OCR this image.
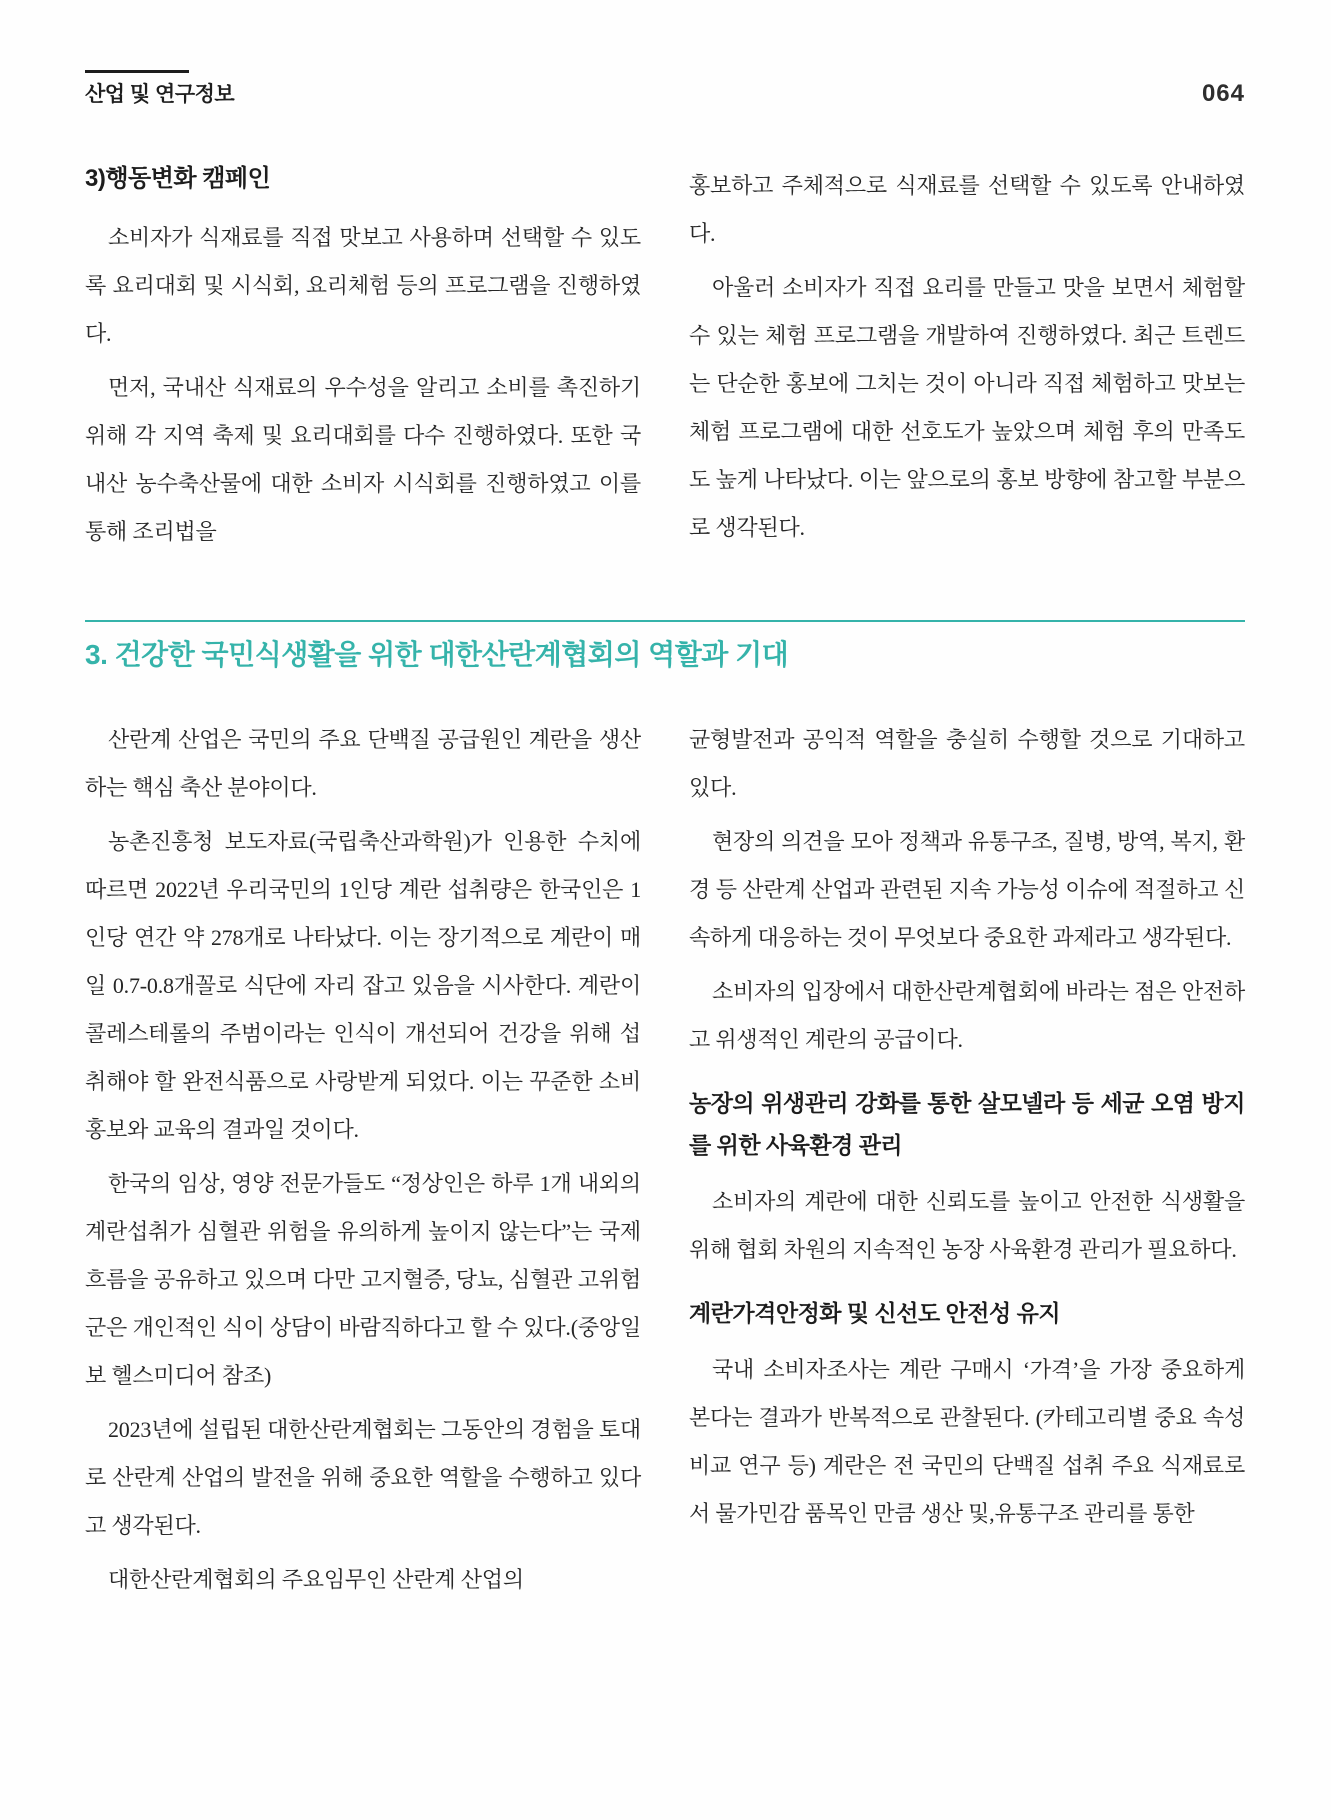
산업 및 연구정보	064

3)행동변화 캠페인

소비자가 식재료를 직접 맛보고 사용하며 선택할 수 있도록 요리대회 및 시식회, 요리체험 등의 프로그램을 진행하였다.

먼저, 국내산 식재료의 우수성을 알리고 소비를 촉진하기 위해 각 지역 축제 및 요리대회를 다수 진행하였다. 또한 국내산 농수축산물에 대한 소비자 시식회를 진행하였고 이를 통해 조리법을

홍보하고 주체적으로 식재료를 선택할 수 있도록 안내하였다.

아울러 소비자가 직접 요리를 만들고 맛을 보면서 체험할 수 있는 체험 프로그램을 개발하여 진행하였다. 최근 트렌드는 단순한 홍보에 그치는 것이 아니라 직접 체험하고 맛보는 체험 프로그램에 대한 선호도가 높았으며 체험 후의 만족도도 높게 나타났다. 이는 앞으로의 홍보 방향에 참고할 부분으로 생각된다.

3. 건강한 국민식생활을 위한 대한산란계협회의 역할과 기대

산란계 산업은 국민의 주요 단백질 공급원인 계란을 생산하는 핵심 축산 분야이다.

농촌진흥청 보도자료(국립축산과학원)가 인용한 수치에 따르면 2022년 우리국민의 1인당 계란 섭취량은 한국인은 1인당 연간 약 278개로 나타났다. 이는 장기적으로 계란이 매일 0.7-0.8개꼴로 식단에 자리 잡고 있음을 시사한다. 계란이 콜레스테롤의 주범이라는 인식이 개선되어 건강을 위해 섭취해야 할 완전식품으로 사랑받게 되었다. 이는 꾸준한 소비홍보와 교육의 결과일 것이다.

한국의 임상, 영양 전문가들도 “정상인은 하루 1개 내외의 계란섭취가 심혈관 위험을 유의하게 높이지 않는다”는 국제흐름을 공유하고 있으며 다만 고지혈증, 당뇨, 심혈관 고위험군은 개인적인 식이 상담이 바람직하다고 할 수 있다.(중앙일보 헬스미디어 참조)

2023년에 설립된 대한산란계협회는 그동안의 경험을 토대로 산란계 산업의 발전을 위해 중요한 역할을 수행하고 있다고 생각된다.

대한산란계협회의 주요임무인 산란계 산업의

균형발전과 공익적 역할을 충실히 수행할 것으로 기대하고 있다.

현장의 의견을 모아 정책과 유통구조, 질병, 방역, 복지, 환경 등 산란계 산업과 관련된 지속 가능성 이슈에 적절하고 신속하게 대응하는 것이 무엇보다 중요한 과제라고 생각된다.

소비자의 입장에서 대한산란계협회에 바라는 점은 안전하고 위생적인 계란의 공급이다.

농장의 위생관리 강화를 통한 살모넬라 등 세균 오염 방지를 위한 사육환경 관리

소비자의 계란에 대한 신뢰도를 높이고 안전한 식생활을 위해 협회 차원의 지속적인 농장 사육환경 관리가 필요하다.

계란가격안정화 및 신선도 안전성 유지

국내 소비자조사는 계란 구매시 ‘가격’을 가장 중요하게 본다는 결과가 반복적으로 관찰된다. (카테고리별 중요 속성 비교 연구 등) 계란은 전 국민의 단백질 섭취 주요 식재료로서 물가민감 품목인 만큼 생산 및,유통구조 관리를 통한
